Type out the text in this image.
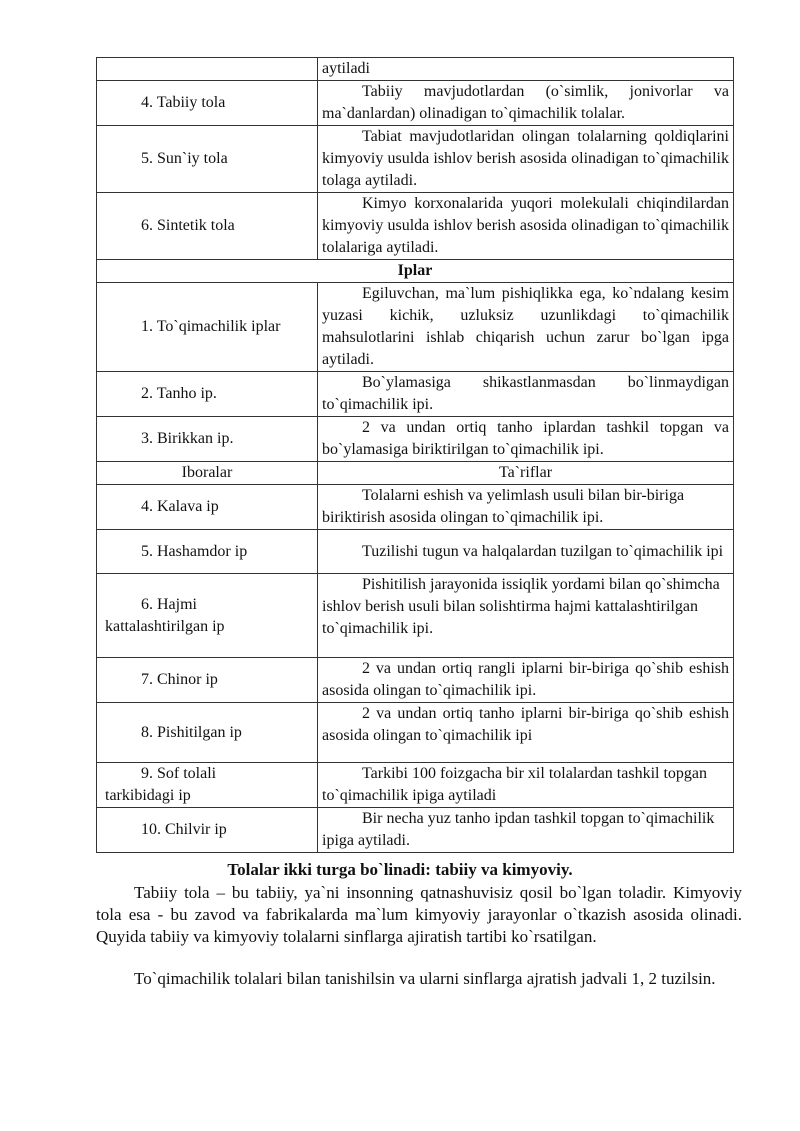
	aytiladi
4. Tabiiy tola	Tabiiy mavjudotlardan (o`simlik, jonivorlar va ma`danlardan) olinadigan to`qimachilik tolalar.
5. Sun`iy tola	Tabiat mavjudotlaridan olingan tolalarning qoldiqlarini kimyoviy usulda ishlov berish asosida olinadigan to`qimachilik tolaga aytiladi.
6. Sintetik tola	Kimyo korxonalarida yuqori molekulali chiqindilardan kimyoviy usulda ishlov berish asosida olinadigan to`qimachilik tolalariga aytiladi.
Iplar	
1. To`qimachilik iplar	Egiluvchan, ma`lum pishiqlikka ega, ko`ndalang kesim yuzasi kichik, uzluksiz uzunlikdagi to`qimachilik mahsulotlarini ishlab chiqarish uchun zarur bo`lgan ipga aytiladi.
2. Tanho ip.	Bo`ylamasiga shikastlanmasdan bo`linmaydigan to`qimachilik ipi.
3. Birikkan ip.	2 va undan ortiq tanho iplardan tashkil topgan va bo`ylamasiga biriktirilgan to`qimachilik ipi.
Iboralar	Ta`riflar
4. Kalava ip	Tolalarni eshish va yelimlash usuli bilan bir-biriga biriktirish asosida olingan to`qimachilik ipi.
5. Hashamdor ip	Tuzilishi tugun va halqalardan tuzilgan to`qimachilik ipi

6. Hajmi
kattalashtirilgan ip	Pishitilish jarayonida issiqlik yordami bilan qo`shimcha ishlov berish usuli bilan solishtirma hajmi kattalashtirilgan to`qimachilik ipi.
7. Chinor ip	2 va undan ortiq rangli iplarni bir-biriga qo`shib eshish asosida olingan to`qimachilik ipi.
8. Pishitilgan ip	2 va undan ortiq tanho iplarni bir-biriga qo`shib eshish asosida olingan to`qimachilik ipi

9. Sof tolali
tarkibidagi ip	Tarkibi 100 foizgacha bir xil tolalardan tashkil topgan to`qimachilik ipiga aytiladi
10. Chilvir ip	Bir necha yuz tanho ipdan tashkil topgan to`qimachilik ipiga aytiladi.
Tolalar ikki turga bo`linadi: tabiiy va kimyoviy.

Tabiiy tola – bu tabiiy, ya`ni insonning qatnashuvisiz qosil bo`lgan toladir. Kimyoviy tola esa - bu zavod va fabrikalarda ma`lum kimyoviy jarayonlar o`tkazish asosida olinadi. Quyida tabiiy va kimyoviy tolalarni sinflarga ajiratish tartibi ko`rsatilgan.

To`qimachilik tolalari bilan tanishilsin va ularni sinflarga ajratish jadvali 1, 2 tuzilsin.
